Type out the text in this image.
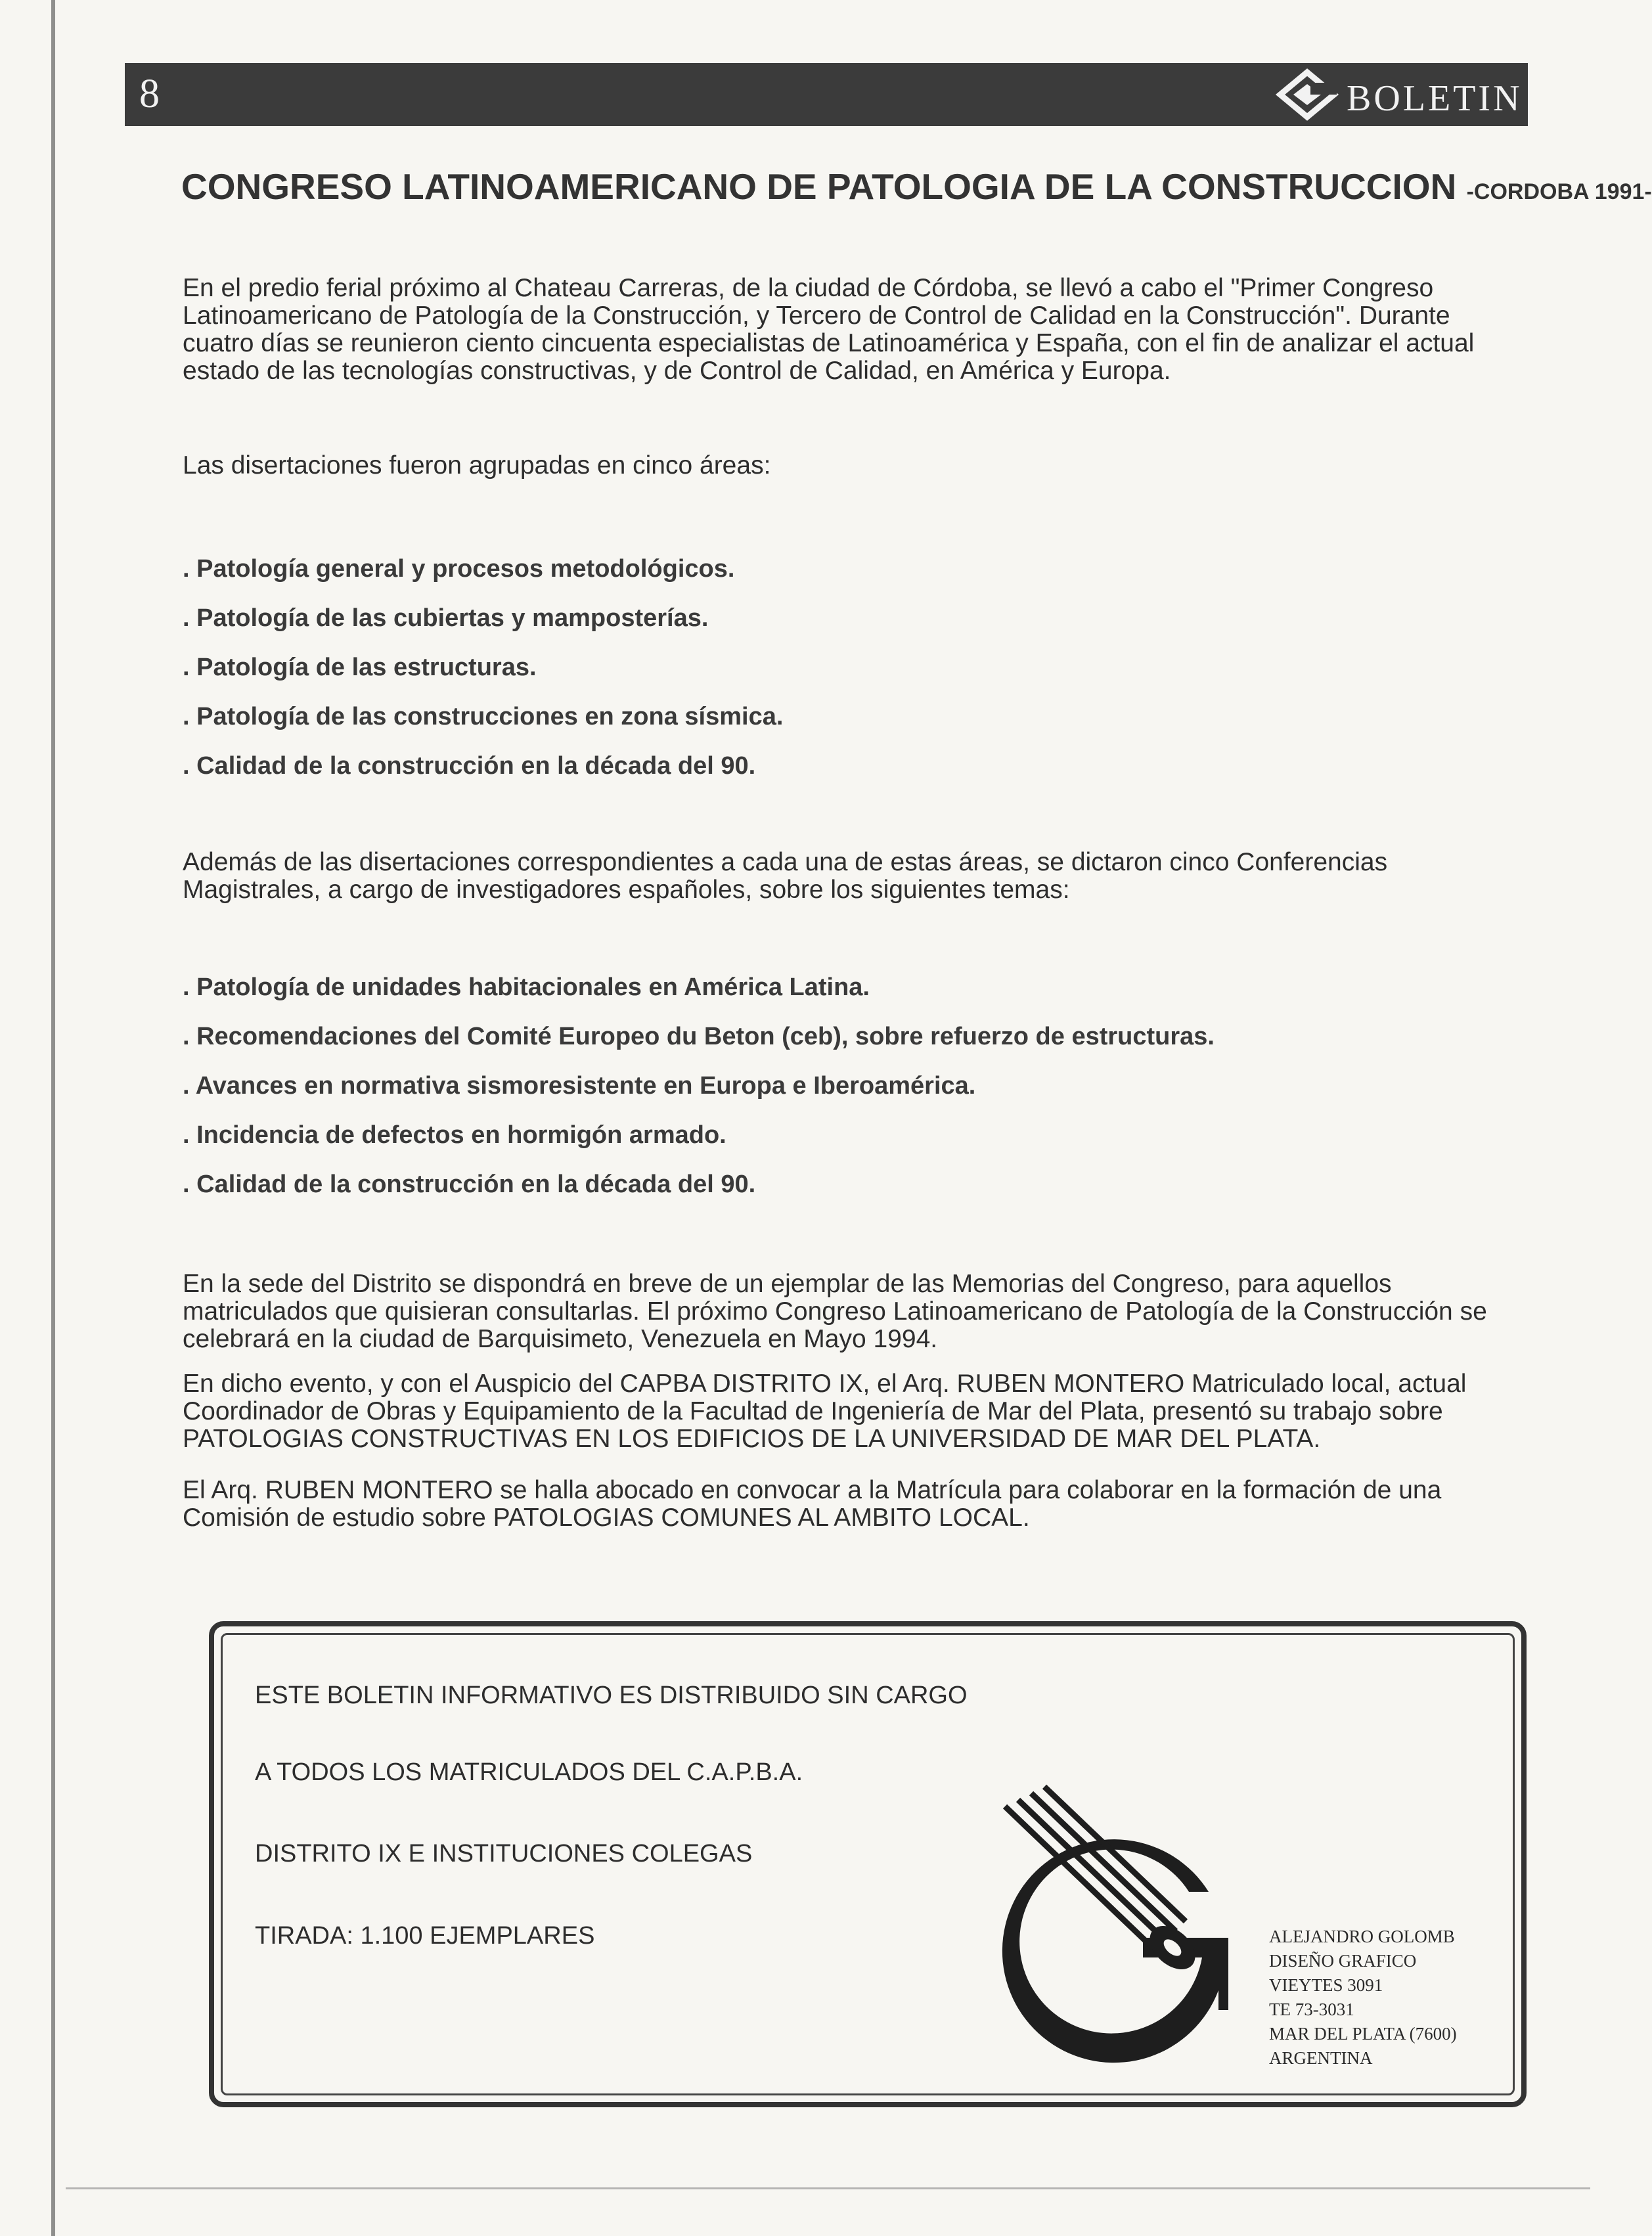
8	BOLETIN
CONGRESO LATINOAMERICANO DE PATOLOGIA DE LA CONSTRUCCION -CORDOBA 1991-

En el predio ferial próximo al Chateau Carreras, de la ciudad de Córdoba, se llevó a cabo el "Primer Congreso Latinoamericano de Patología de la Construcción, y Tercero de Control de Calidad en la Construcción". Durante cuatro días se reunieron ciento cincuenta especialistas de Latinoamérica y España, con el fin de analizar el actual estado de las tecnologías constructivas, y de Control de Calidad, en América y Europa.

Las disertaciones fueron agrupadas en cinco áreas:

. Patología general y procesos metodológicos.
. Patología de las cubiertas y mamposterías.
. Patología de las estructuras.
. Patología de las construcciones en zona sísmica.
. Calidad de la construcción en la década del 90.

Además de las disertaciones correspondientes a cada una de estas áreas, se dictaron cinco Conferencias Magistrales, a cargo de investigadores españoles, sobre los siguientes temas:

. Patología de unidades habitacionales en América Latina.
. Recomendaciones del Comité Europeo du Beton (ceb), sobre refuerzo de estructuras.
. Avances en normativa sismoresistente en Europa e Iberoamérica.
. Incidencia de defectos en hormigón armado.
. Calidad de la construcción en la década del 90.

En la sede del Distrito se dispondrá en breve de un ejemplar de las Memorias del Congreso, para aquellos matriculados que quisieran consultarlas. El próximo Congreso Latinoamericano de Patología de la Construcción se celebrará en la ciudad de Barquisimeto, Venezuela en Mayo 1994.

En dicho evento, y con el Auspicio del CAPBA DISTRITO IX, el Arq. RUBEN MONTERO Matriculado local, actual Coordinador de Obras y Equipamiento de la Facultad de Ingeniería de Mar del Plata, presentó su trabajo sobre PATOLOGIAS CONSTRUCTIVAS EN LOS EDIFICIOS DE LA UNIVERSIDAD DE MAR DEL PLATA.

El Arq. RUBEN MONTERO se halla abocado en convocar a la Matrícula para colaborar en la formación de una Comisión de estudio sobre PATOLOGIAS COMUNES AL AMBITO LOCAL.

ESTE BOLETIN INFORMATIVO ES DISTRIBUIDO SIN CARGO

A TODOS LOS MATRICULADOS DEL C.A.P.B.A.

DISTRITO IX E INSTITUCIONES COLEGAS

TIRADA: 1.100 EJEMPLARES	ALEJANDRO GOLOMB
DISEÑO GRAFICO
VIEYTES 3091
TE 73-3031
MAR DEL PLATA (7600)
ARGENTINA
